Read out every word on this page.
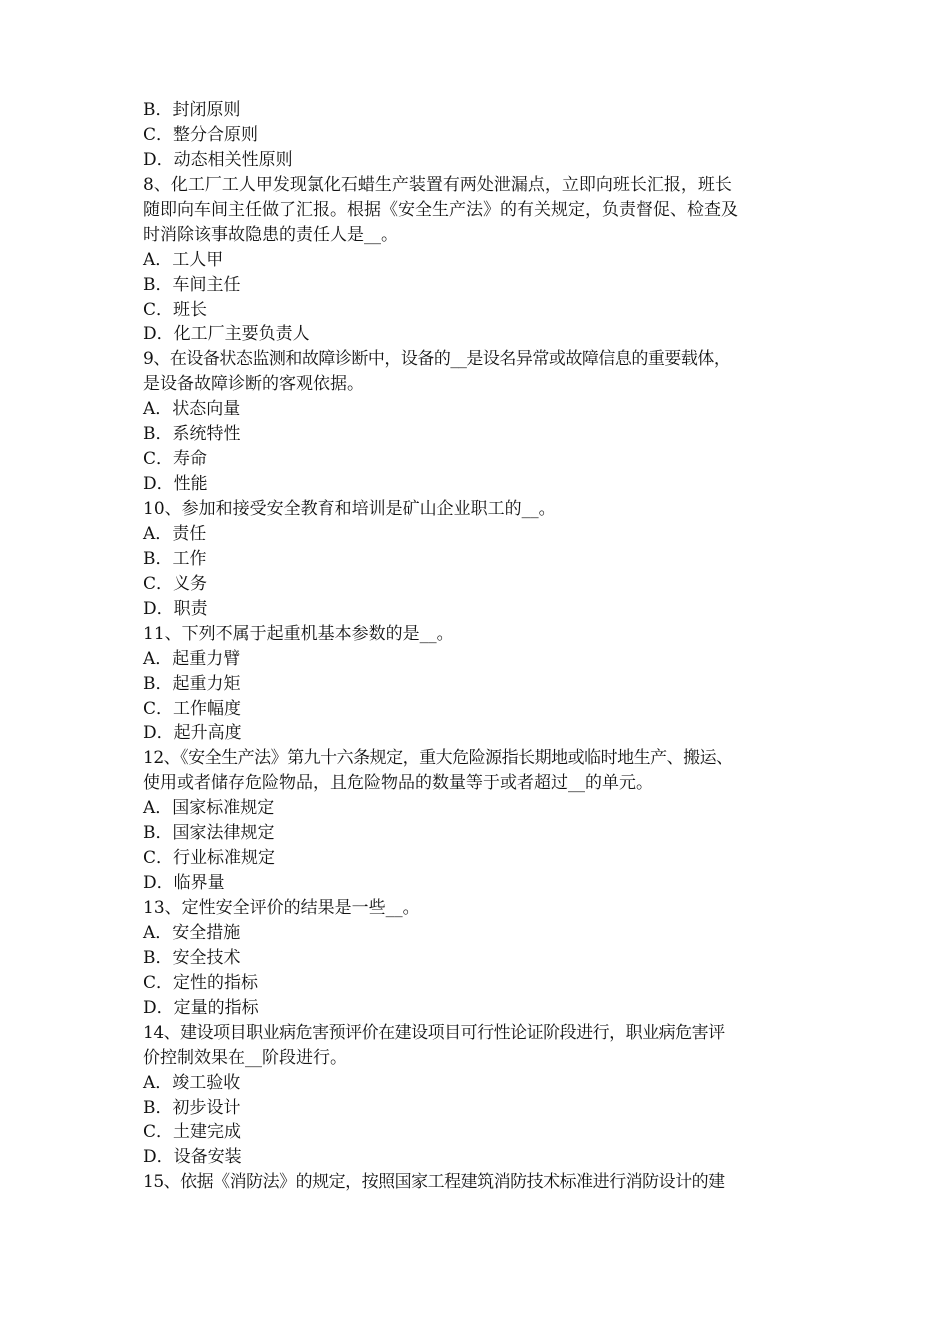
B．封闭原则
C．整分合原则
D．动态相关性原则
8、化工厂工人甲发现氯化石蜡生产装置有两处泄漏点，立即向班长汇报，班长
随即向车间主任做了汇报。根据《安全生产法》的有关规定，负责督促、检查及
时消除该事故隐患的责任人是__。
A．工人甲
B．车间主任
C．班长
D．化工厂主要负责人
9、在设备状态监测和故障诊断中，设备的__是设名异常或故障信息的重要载体，
是设备故障诊断的客观依据。
A．状态向量
B．系统特性
C．寿命
D．性能
10、参加和接受安全教育和培训是矿山企业职工的__。
A．责任
B．工作
C．义务
D．职责
11、下列不属于起重机基本参数的是__。
A．起重力臂
B．起重力矩
C．工作幅度
D．起升高度
12、《安全生产法》第九十六条规定，重大危险源指长期地或临时地生产、搬运、
使用或者储存危险物品，且危险物品的数量等于或者超过__的单元。
A．国家标准规定
B．国家法律规定
C．行业标准规定
D．临界量
13、定性安全评价的结果是一些__。
A．安全措施
B．安全技术
C．定性的指标
D．定量的指标
14、建设项目职业病危害预评价在建设项目可行性论证阶段进行，职业病危害评
价控制效果在__阶段进行。
A．竣工验收
B．初步设计
C．土建完成
D．设备安装
15、依据《消防法》的规定，按照国家工程建筑消防技术标准进行消防设计的建
